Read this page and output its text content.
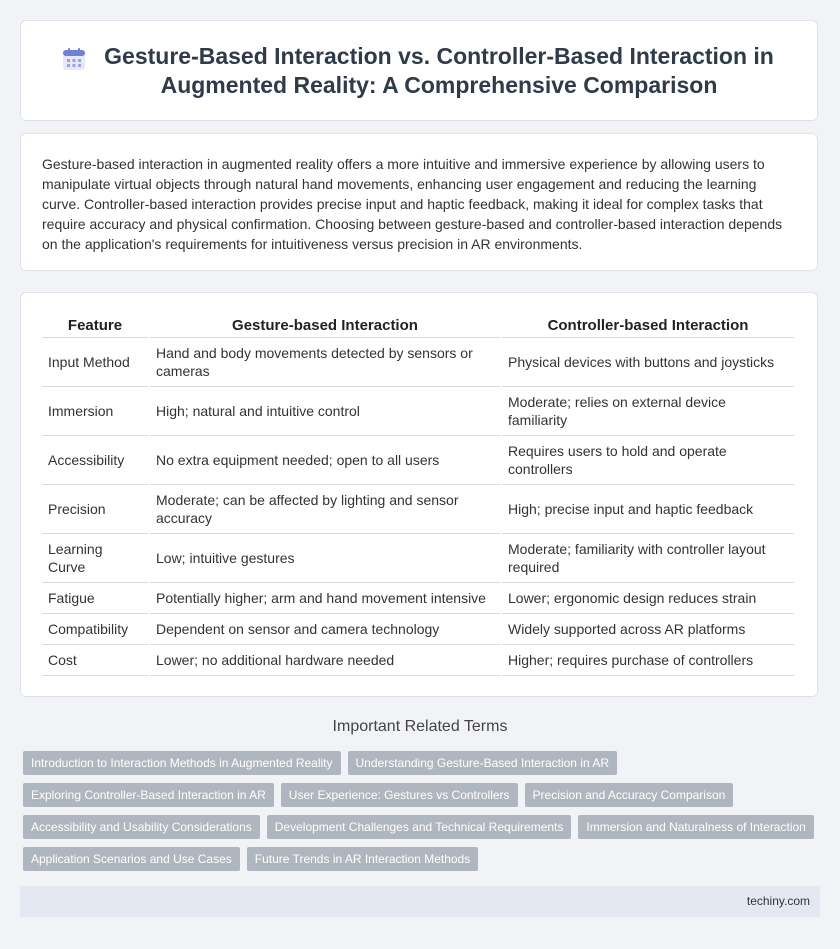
Gesture-Based Interaction vs. Controller-Based Interaction in Augmented Reality: A Comprehensive Comparison

Gesture-based interaction in augmented reality offers a more intuitive and immersive experience by allowing users to manipulate virtual objects through natural hand movements, enhancing user engagement and reducing the learning curve. Controller-based interaction provides precise input and haptic feedback, making it ideal for complex tasks that require accuracy and physical confirmation. Choosing between gesture-based and controller-based interaction depends on the application's requirements for intuitiveness versus precision in AR environments.

Feature	Gesture-based Interaction	Controller-based Interaction
Input Method	Hand and body movements detected by sensors or cameras	Physical devices with buttons and joysticks
Immersion	High; natural and intuitive control	Moderate; relies on external device familiarity
Accessibility	No extra equipment needed; open to all users	Requires users to hold and operate controllers
Precision	Moderate; can be affected by lighting and sensor accuracy	High; precise input and haptic feedback
Learning Curve	Low; intuitive gestures	Moderate; familiarity with controller layout required
Fatigue	Potentially higher; arm and hand movement intensive	Lower; ergonomic design reduces strain
Compatibility	Dependent on sensor and camera technology	Widely supported across AR platforms
Cost	Lower; no additional hardware needed	Higher; requires purchase of controllers
Important Related Terms
Introduction to Interaction Methods in Augmented Reality	Understanding Gesture-Based Interaction in AR
Exploring Controller-Based Interaction in AR	User Experience: Gestures vs Controllers	Precision and Accuracy Comparison
Accessibility and Usability Considerations	Development Challenges and Technical Requirements	Immersion and Naturalness of Interaction
Application Scenarios and Use Cases	Future Trends in AR Interaction Methods
techiny.com
